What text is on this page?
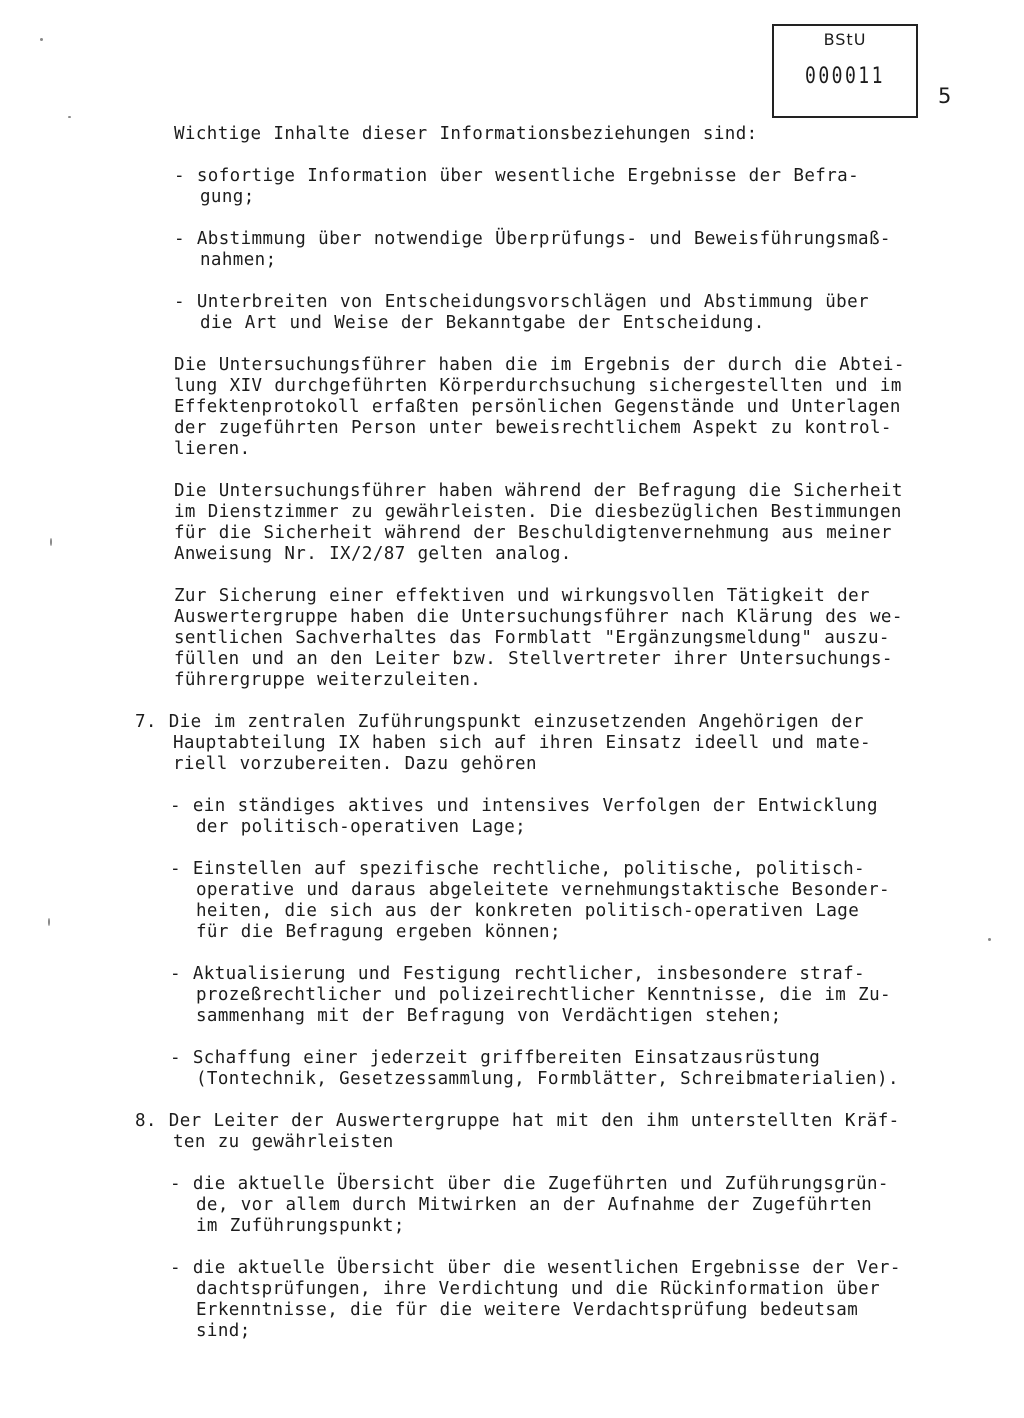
BStU
000011
5
Wichtige Inhalte dieser Informationsbeziehungen sind:
- sofortige Information über wesentliche Ergebnisse der Befra-
gung;
- Abstimmung über notwendige Überprüfungs- und Beweisführungsmaß-
nahmen;
- Unterbreiten von Entscheidungsvorschlägen und Abstimmung über
die Art und Weise der Bekanntgabe der Entscheidung.
Die Untersuchungsführer haben die im Ergebnis der durch die Abtei-
lung XIV durchgeführten Körperdurchsuchung sichergestellten und im
Effektenprotokoll erfaßten persönlichen Gegenstände und Unterlagen
der zugeführten Person unter beweisrechtlichem Aspekt zu kontrol-
lieren.
Die Untersuchungsführer haben während der Befragung die Sicherheit
im Dienstzimmer zu gewährleisten. Die diesbezüglichen Bestimmungen
für die Sicherheit während der Beschuldigtenvernehmung aus meiner
Anweisung Nr. IX/2/87 gelten analog.
Zur Sicherung einer effektiven und wirkungsvollen Tätigkeit der
Auswertergruppe haben die Untersuchungsführer nach Klärung des we-
sentlichen Sachverhaltes das Formblatt "Ergänzungsmeldung" auszu-
füllen und an den Leiter bzw. Stellvertreter ihrer Untersuchungs-
führergruppe weiterzuleiten.
7. Die im zentralen Zuführungspunkt einzusetzenden Angehörigen der
Hauptabteilung IX haben sich auf ihren Einsatz ideell und mate-
riell vorzubereiten. Dazu gehören
- ein ständiges aktives und intensives Verfolgen der Entwicklung
der politisch-operativen Lage;
- Einstellen auf spezifische rechtliche, politische, politisch-
operative und daraus abgeleitete vernehmungstaktische Besonder-
heiten, die sich aus der konkreten politisch-operativen Lage
für die Befragung ergeben können;
- Aktualisierung und Festigung rechtlicher, insbesondere straf-
prozeßrechtlicher und polizeirechtlicher Kenntnisse, die im Zu-
sammenhang mit der Befragung von Verdächtigen stehen;
- Schaffung einer jederzeit griffbereiten Einsatzausrüstung
(Tontechnik, Gesetzessammlung, Formblätter, Schreibmaterialien).
8. Der Leiter der Auswertergruppe hat mit den ihm unterstellten Kräf-
ten zu gewährleisten
- die aktuelle Übersicht über die Zugeführten und Zuführungsgrün-
de, vor allem durch Mitwirken an der Aufnahme der Zugeführten
im Zuführungspunkt;
- die aktuelle Übersicht über die wesentlichen Ergebnisse der Ver-
dachtsprüfungen, ihre Verdichtung und die Rückinformation über
Erkenntnisse, die für die weitere Verdachtsprüfung bedeutsam
sind;
